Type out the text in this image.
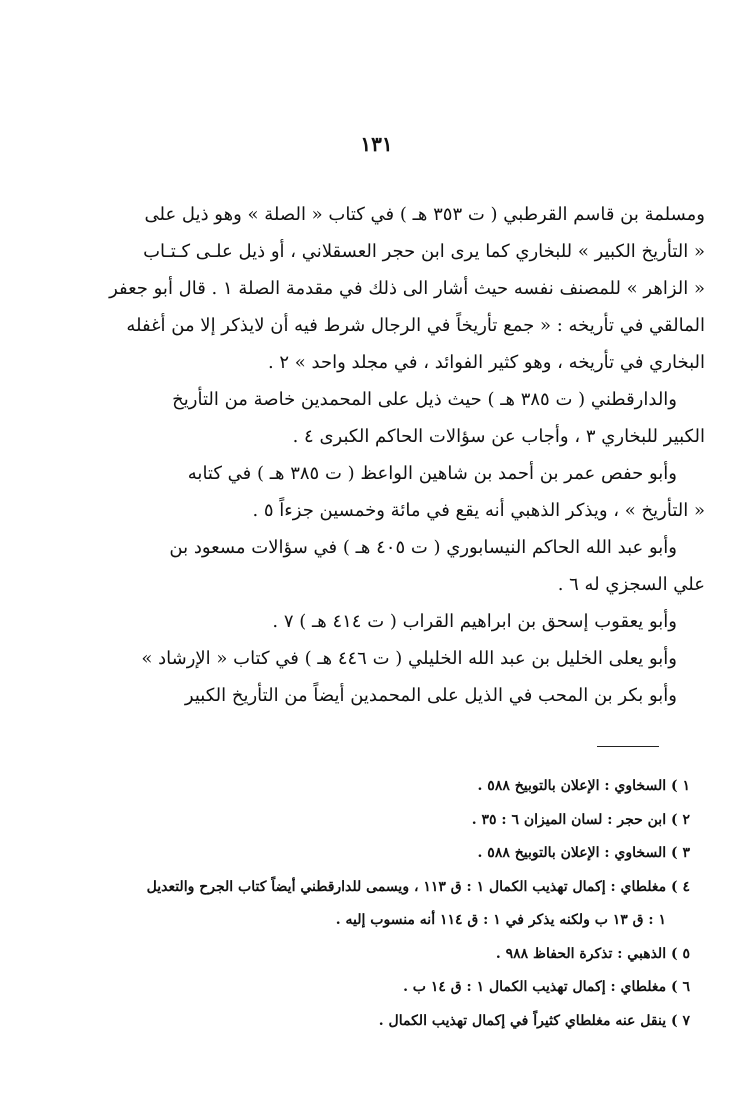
١٣١
ومسلمة بن قاسم القرطبي ( ت ٣٥٣ هـ ) في كتاب « الصلة » وهو ذيل على
« التأريخ الكبير » للبخاري كما يرى ابن حجر العسقلاني ، أو ذيل علـى كـتـاب
« الزاهر » للمصنف نفسه حيث أشار الى ذلك في مقدمة الصلة ١ . قال أبو جعفر
المالقي في تأريخه : « جمع تأريخاً في الرجال شرط فيه أن لايذكر إلا من أغفله
البخاري في تأريخه ، وهو كثير الفوائد ، في مجلد واحد » ٢ .
والدارقطني ( ت ٣٨٥ هـ ) حيث ذيل على المحمدين خاصة من التأريخ
الكبير للبخاري ٣ ، وأجاب عن سؤالات الحاكم الكبرى ٤ .
وأبو حفص عمر بن أحمد بن شاهين الواعظ ( ت ٣٨٥ هـ ) في كتابه
« التأريخ » ، ويذكر الذهبي أنه يقع في مائة وخمسين جزءاً ٥ .
وأبو عبد الله الحاكم النيسابوري ( ت ٤٠٥ هـ ) في سؤالات مسعود بن
علي السجزي له ٦ .
وأبو يعقوب إسحق بن ابراهيم القراب ( ت ٤١٤ هـ ) ٧ .
وأبو يعلى الخليل بن عبد الله الخليلي ( ت ٤٤٦ هـ ) في كتاب « الإرشاد »
وأبو بكر بن المحب في الذيل على المحمدين أيضاً من التأريخ الكبير
١ ) السخاوي : الإعلان بالتوبيخ ٥٨٨ .
٢ ) ابن حجر : لسان الميزان ٦ : ٣٥ .
٣ ) السخاوي : الإعلان بالتوبيخ ٥٨٨ .
٤ ) مغلطاي : إكمال تهذيب الكمال ١ : ق ١١٣ ، ويسمى للدارقطني أيضاً كتاب الجرح والتعديل
١ : ق ١٣ ب ولكنه يذكر في ١ : ق ١١٤ أنه منسوب إليه .
٥ ) الذهبي : تذكرة الحفاظ ٩٨٨ .
٦ ) مغلطاي : إكمال تهذيب الكمال ١ : ق ١٤ ب .
٧ ) ينقل عنه مغلطاي كثيراً في إكمال تهذيب الكمال .
